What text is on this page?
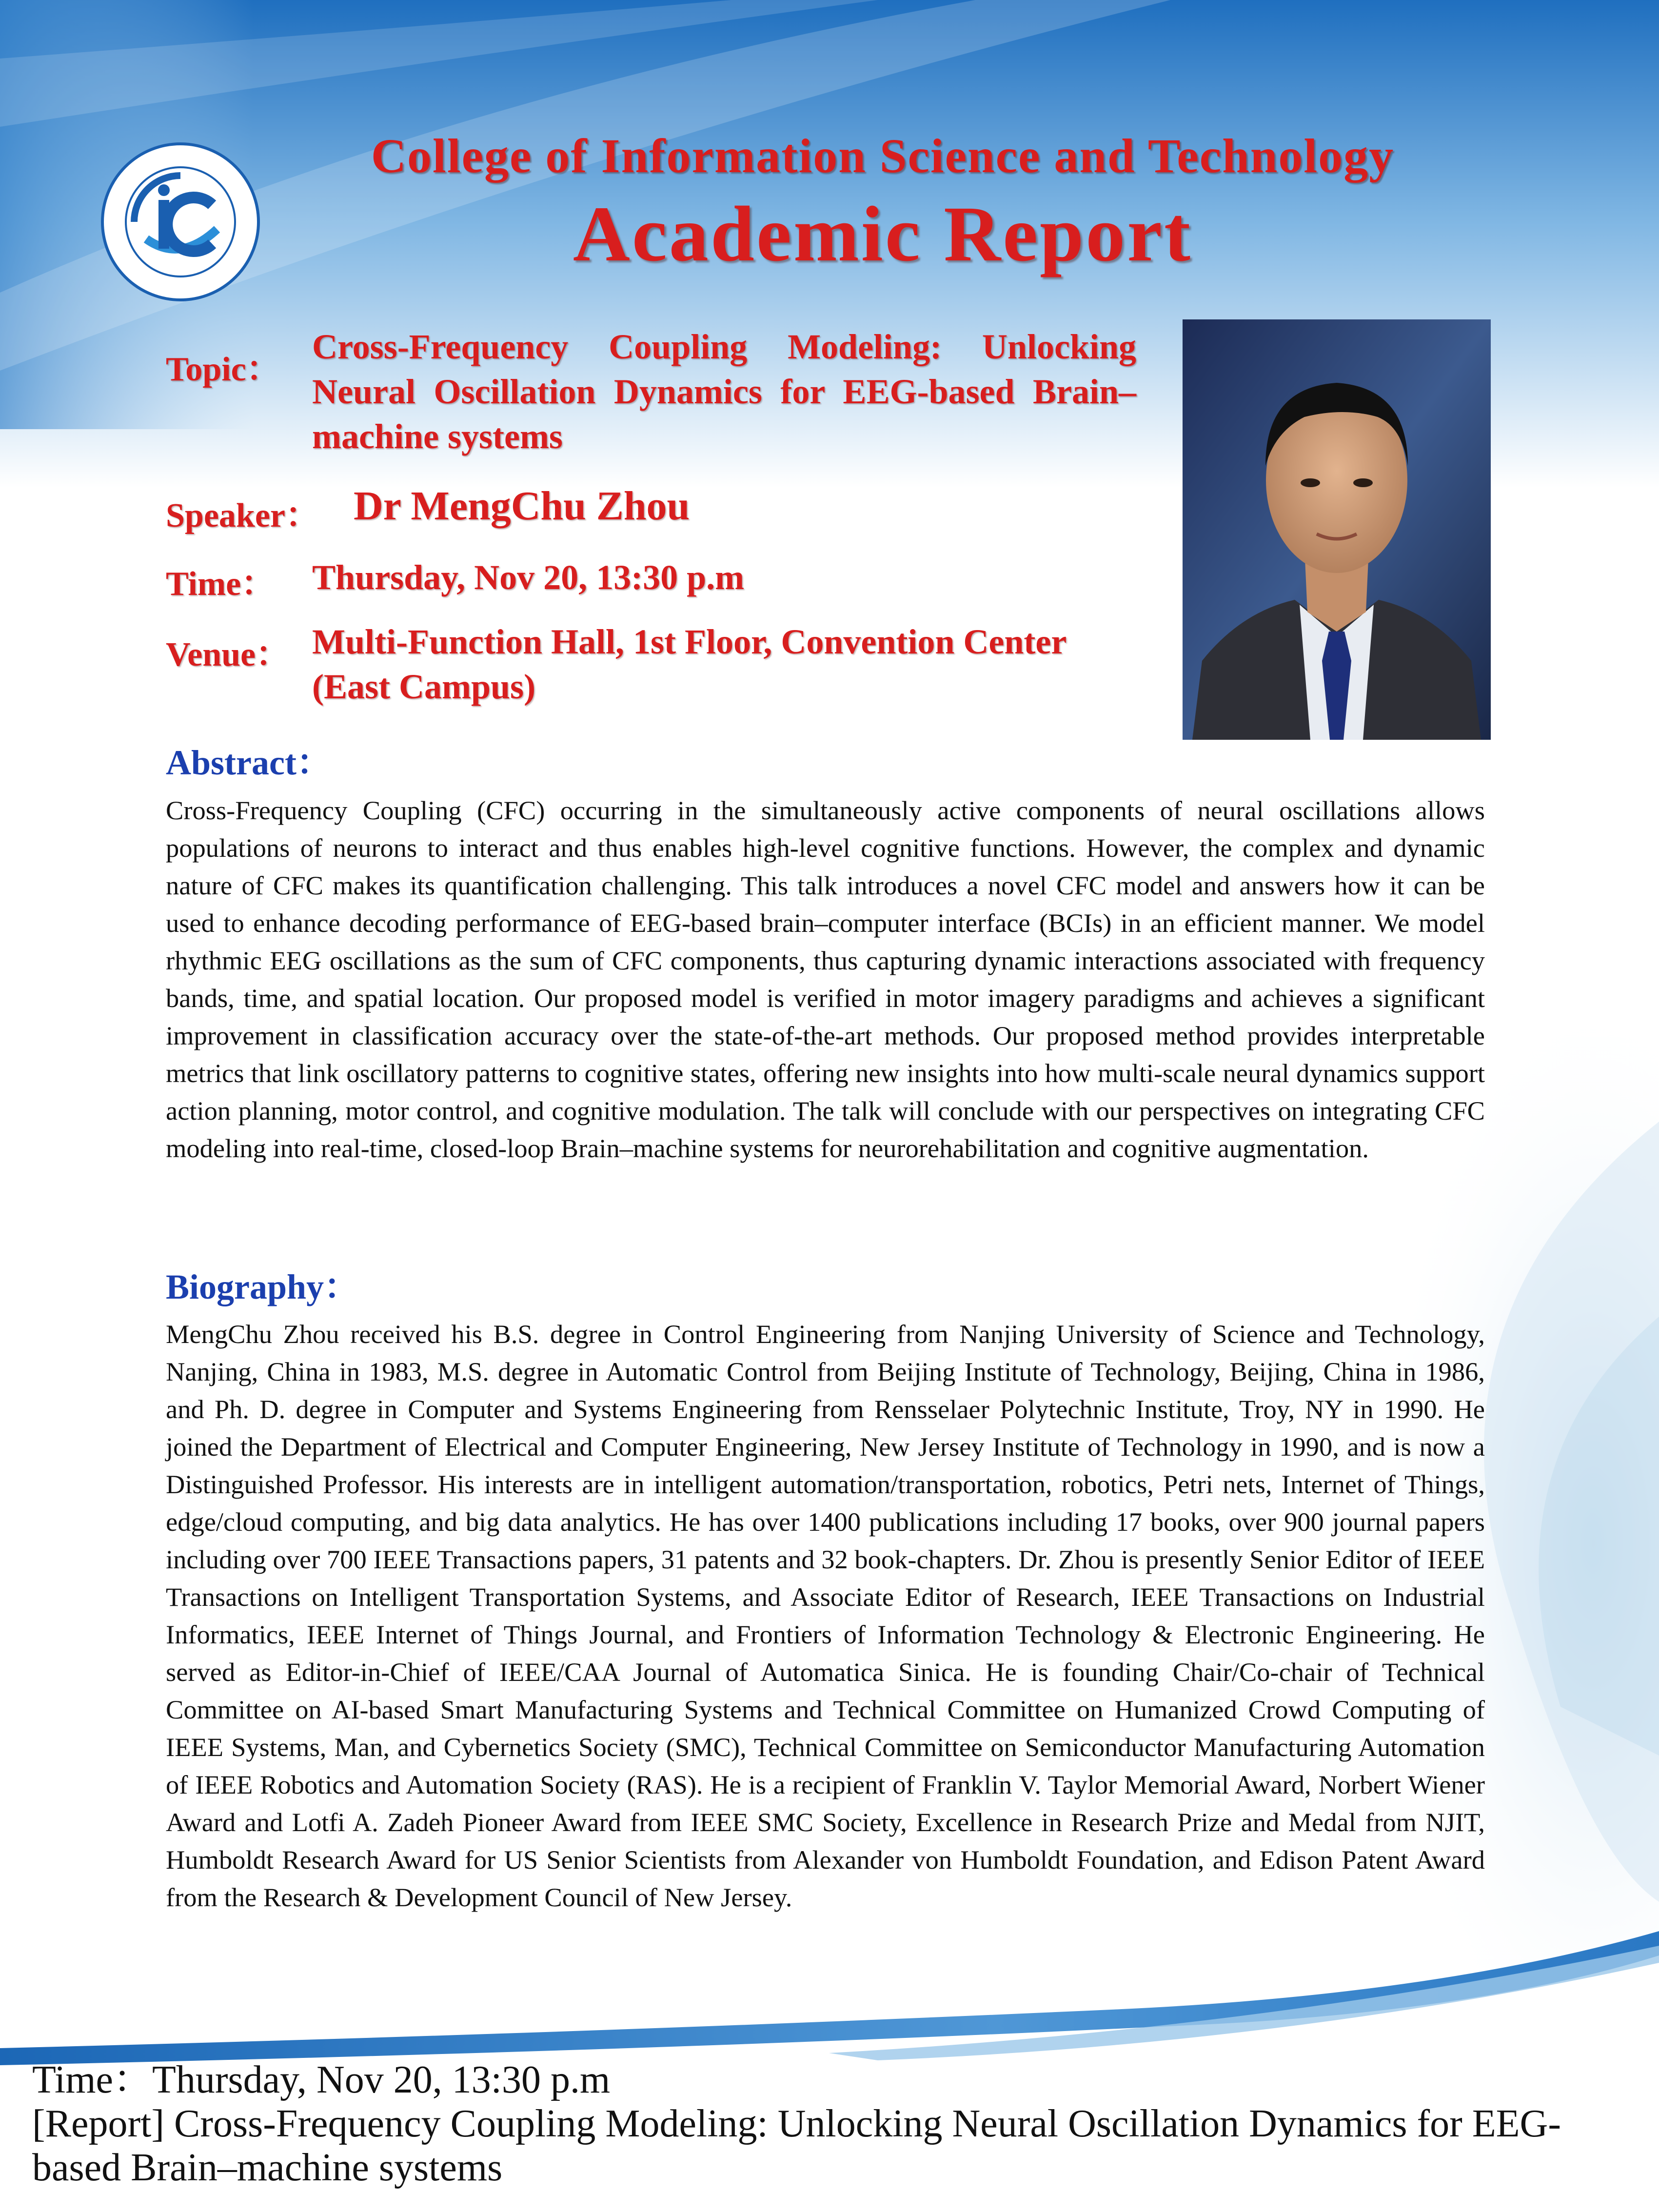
College of Information Science and Technology
Academic Report
Topic：
Cross-Frequency Coupling Modeling: Unlocking Neural Oscillation Dynamics for EEG-based Brain–machine systems
Speaker： Dr MengChu Zhou
Time： Thursday, Nov 20, 13:30 p.m
Venue： Multi-Function Hall, 1st Floor, Convention Center (East Campus)
Abstract：
Cross-Frequency Coupling (CFC) occurring in the simultaneously active components of neural oscillations allows populations of neurons to interact and thus enables high-level cognitive functions. However, the complex and dynamic nature of CFC makes its quantification challenging. This talk introduces a novel CFC model and answers how it can be used to enhance decoding performance of EEG-based brain–computer interface (BCIs) in an efficient manner. We model rhythmic EEG oscillations as the sum of CFC components, thus capturing dynamic interactions associated with frequency bands, time, and spatial location. Our proposed model is verified in motor imagery paradigms and achieves a significant improvement in classification accuracy over the state-of-the-art methods. Our proposed method provides interpretable metrics that link oscillatory patterns to cognitive states, offering new insights into how multi-scale neural dynamics support action planning, motor control, and cognitive modulation. The talk will conclude with our perspectives on integrating CFC modeling into real-time, closed-loop Brain–machine systems for neurorehabilitation and cognitive augmentation.
Biography：
MengChu Zhou received his B.S. degree in Control Engineering from Nanjing University of Science and Technology, Nanjing, China in 1983, M.S. degree in Automatic Control from Beijing Institute of Technology, Beijing, China in 1986, and Ph. D. degree in Computer and Systems Engineering from Rensselaer Polytechnic Institute, Troy, NY in 1990. He joined the Department of Electrical and Computer Engineering, New Jersey Institute of Technology in 1990, and is now a Distinguished Professor. His interests are in intelligent automation/transportation, robotics, Petri nets, Internet of Things, edge/cloud computing, and big data analytics. He has over 1400 publications including 17 books, over 900 journal papers including over 700 IEEE Transactions papers, 31 patents and 32 book-chapters. Dr. Zhou is presently Senior Editor of IEEE Transactions on Intelligent Transportation Systems, and Associate Editor of Research, IEEE Transactions on Industrial Informatics, IEEE Internet of Things Journal, and Frontiers of Information Technology & Electronic Engineering. He served as Editor-in-Chief of IEEE/CAA Journal of Automatica Sinica. He is founding Chair/Co-chair of Technical Committee on AI-based Smart Manufacturing Systems and Technical Committee on Humanized Crowd Computing of IEEE Systems, Man, and Cybernetics Society (SMC), Technical Committee on Semiconductor Manufacturing Automation of IEEE Robotics and Automation Society (RAS). He is a recipient of Franklin V. Taylor Memorial Award, Norbert Wiener Award and Lotfi A. Zadeh Pioneer Award from IEEE SMC Society, Excellence in Research Prize and Medal from NJIT, Humboldt Research Award for US Senior Scientists from Alexander von Humboldt Foundation, and Edison Patent Award from the Research & Development Council of New Jersey.
Time：Thursday, Nov 20, 13:30 p.m
[Report] Cross-Frequency Coupling Modeling: Unlocking Neural Oscillation Dynamics for EEG-based Brain–machine systems
